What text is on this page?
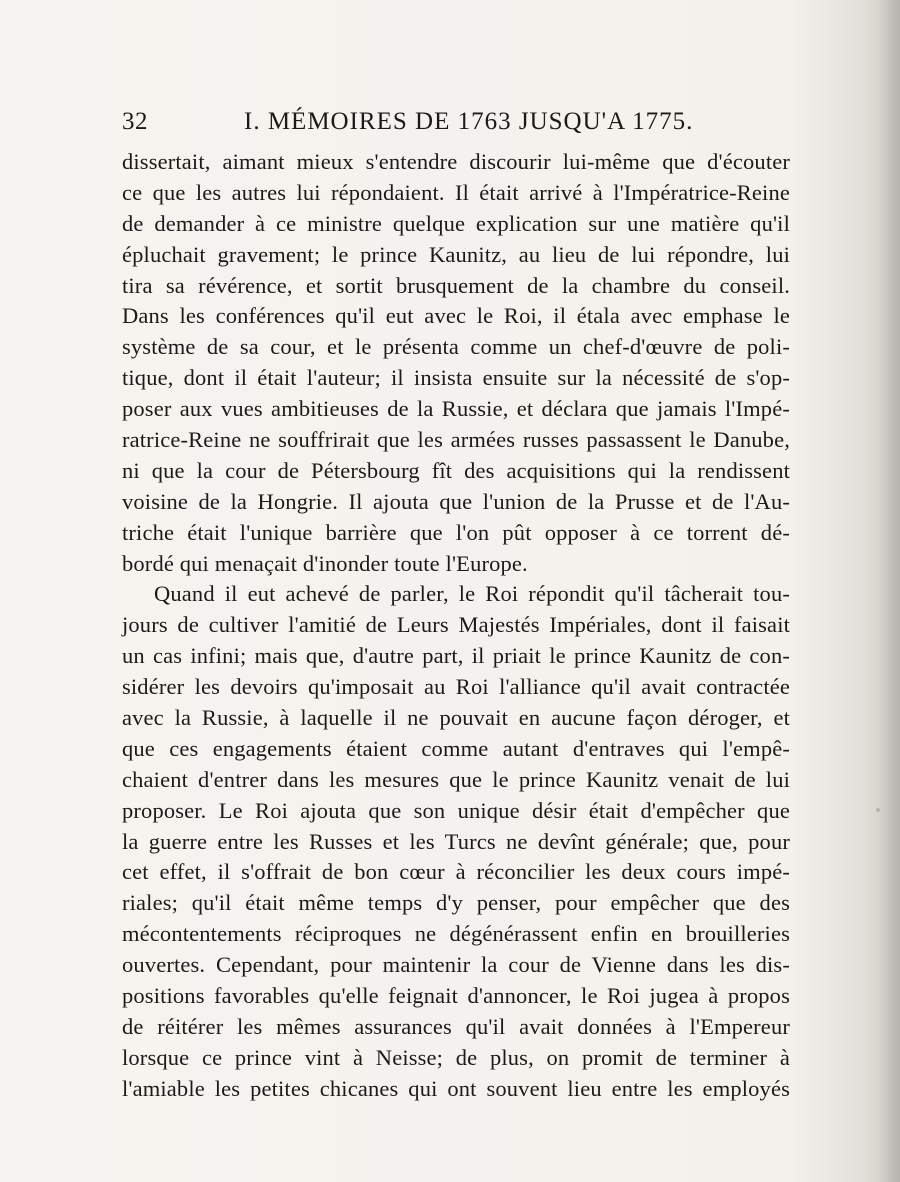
32	I. MÉMOIRES DE 1763 JUSQU'A 1775.
dissertait, aimant mieux s'entendre discourir lui-même que d'écouter
ce que les autres lui répondaient. Il était arrivé à l'Impératrice-Reine
de demander à ce ministre quelque explication sur une matière qu'il
épluchait gravement; le prince Kaunitz, au lieu de lui répondre, lui
tira sa révérence, et sortit brusquement de la chambre du conseil.
Dans les conférences qu'il eut avec le Roi, il étala avec emphase le
système de sa cour, et le présenta comme un chef-d'œuvre de poli-
tique, dont il était l'auteur; il insista ensuite sur la nécessité de s'op-
poser aux vues ambitieuses de la Russie, et déclara que jamais l'Impé-
ratrice-Reine ne souffrirait que les armées russes passassent le Danube,
ni que la cour de Pétersbourg fît des acquisitions qui la rendissent
voisine de la Hongrie. Il ajouta que l'union de la Prusse et de l'Au-
triche était l'unique barrière que l'on pût opposer à ce torrent dé-
bordé qui menaçait d'inonder toute l'Europe.
Quand il eut achevé de parler, le Roi répondit qu'il tâcherait tou-
jours de cultiver l'amitié de Leurs Majestés Impériales, dont il faisait
un cas infini; mais que, d'autre part, il priait le prince Kaunitz de con-
sidérer les devoirs qu'imposait au Roi l'alliance qu'il avait contractée
avec la Russie, à laquelle il ne pouvait en aucune façon déroger, et
que ces engagements étaient comme autant d'entraves qui l'empê-
chaient d'entrer dans les mesures que le prince Kaunitz venait de lui
proposer. Le Roi ajouta que son unique désir était d'empêcher que
la guerre entre les Russes et les Turcs ne devînt générale; que, pour
cet effet, il s'offrait de bon cœur à réconcilier les deux cours impé-
riales; qu'il était même temps d'y penser, pour empêcher que des
mécontentements réciproques ne dégénérassent enfin en brouilleries
ouvertes. Cependant, pour maintenir la cour de Vienne dans les dis-
positions favorables qu'elle feignait d'annoncer, le Roi jugea à propos
de réitérer les mêmes assurances qu'il avait données à l'Empereur
lorsque ce prince vint à Neisse; de plus, on promit de terminer à
l'amiable les petites chicanes qui ont souvent lieu entre les employés
